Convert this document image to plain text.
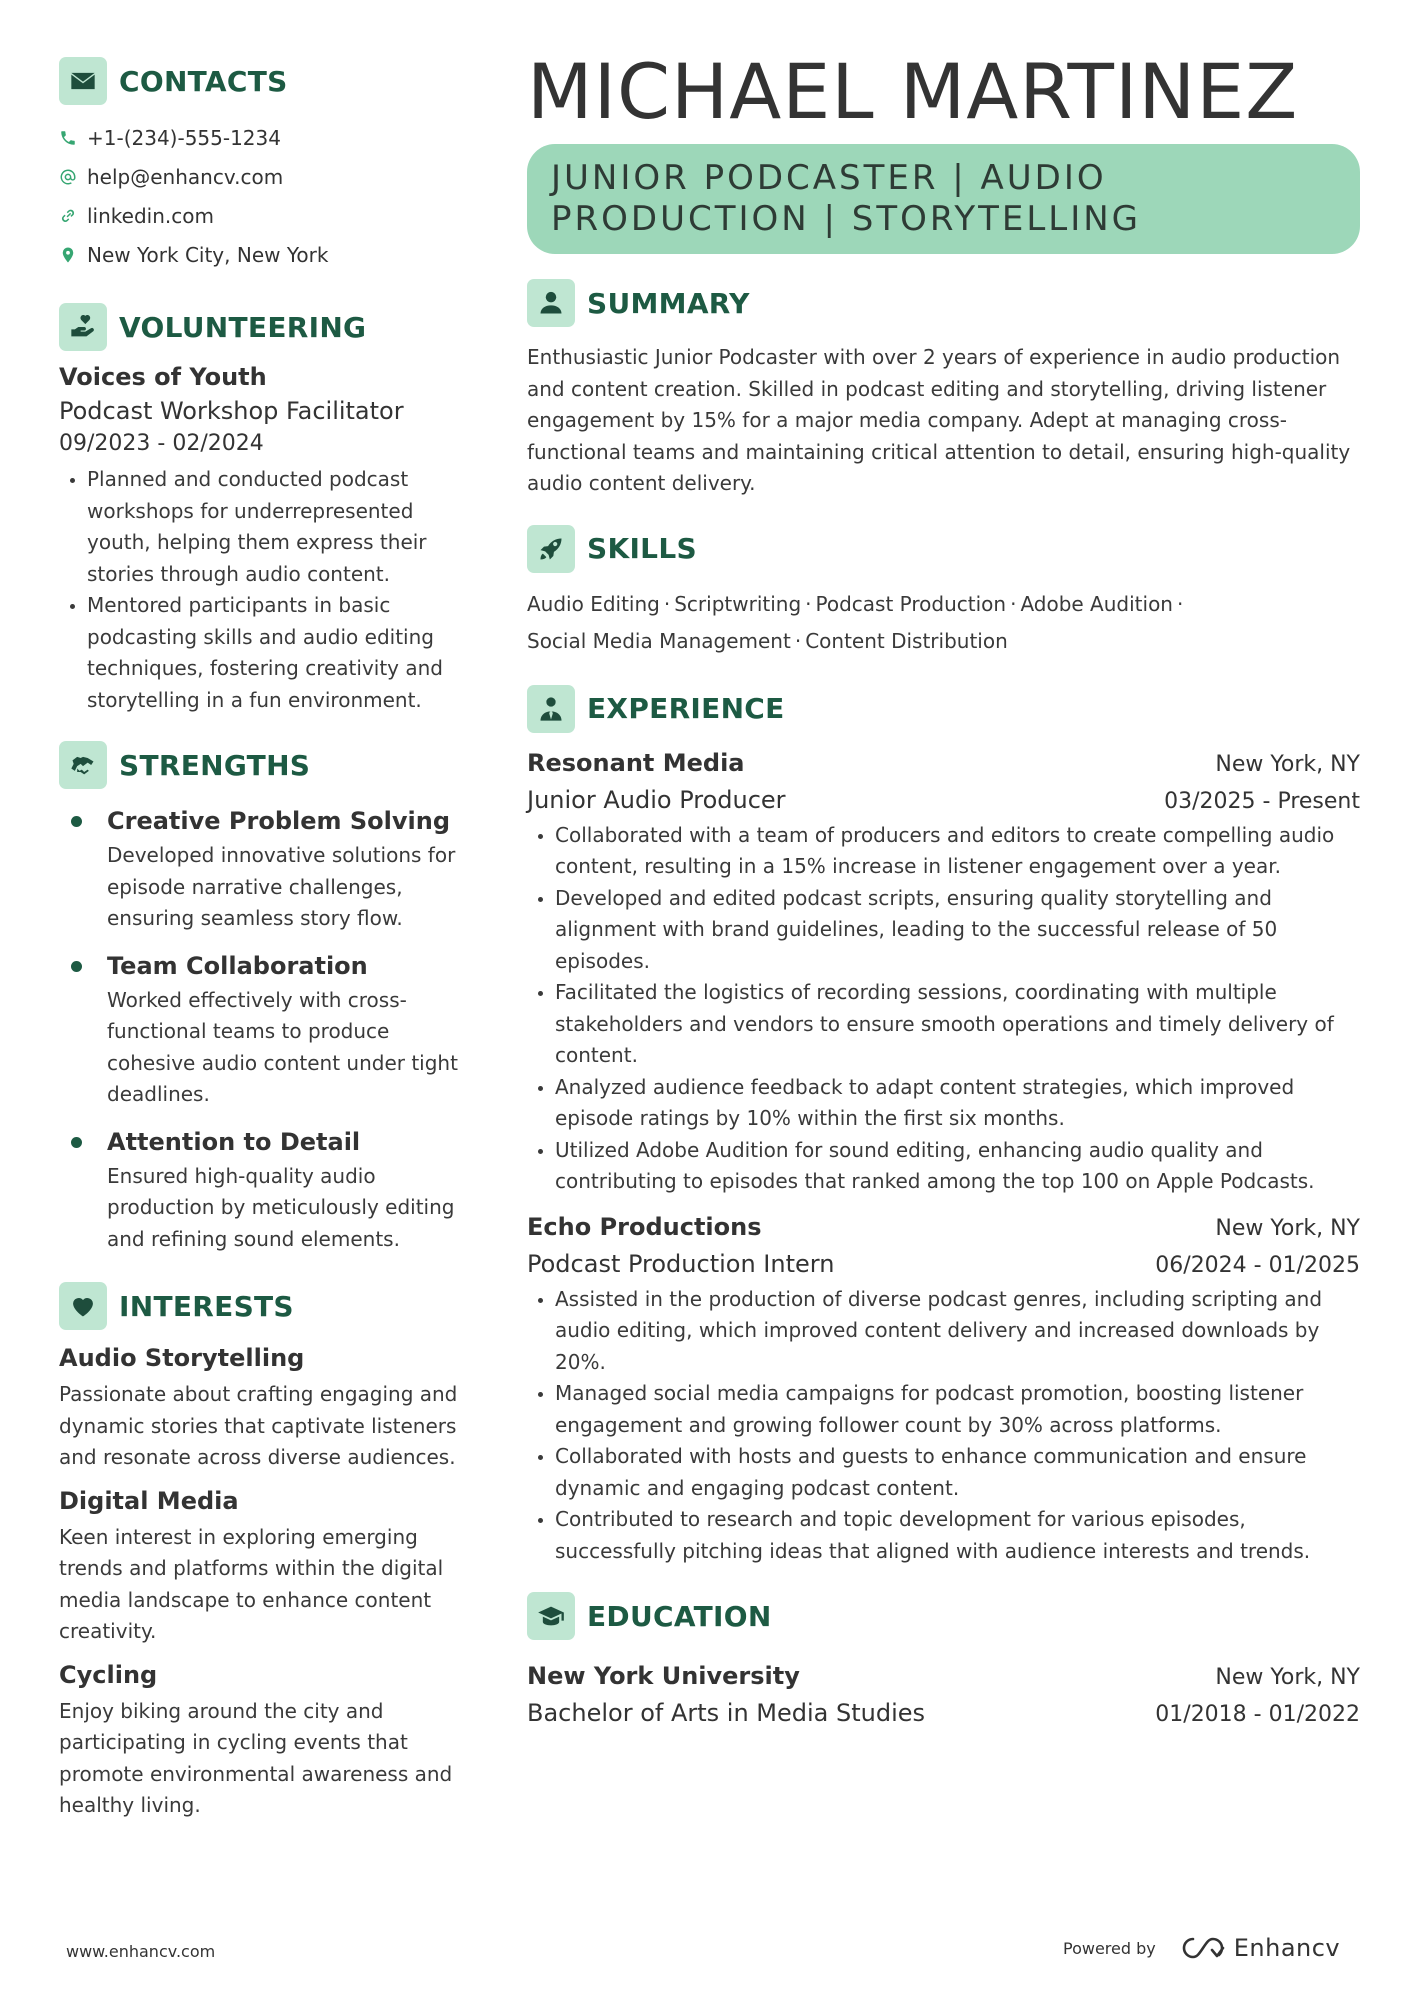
CONTACTS
+1-(234)-555-1234
help@enhancv.com
linkedin.com
New York City, New York
VOLUNTEERING
Voices of Youth
Podcast Workshop Facilitator
09/2023 - 02/2024
• Planned and conducted podcast workshops for underrepresented youth, helping them express their stories through audio content.
• Mentored participants in basic podcasting skills and audio editing techniques, fostering creativity and storytelling in a fun environment.
STRENGTHS
Creative Problem Solving
Developed innovative solutions for episode narrative challenges, ensuring seamless story flow.
Team Collaboration
Worked effectively with cross-functional teams to produce cohesive audio content under tight deadlines.
Attention to Detail
Ensured high-quality audio production by meticulously editing and refining sound elements.
INTERESTS
Audio Storytelling
Passionate about crafting engaging and dynamic stories that captivate listeners and resonate across diverse audiences.
Digital Media
Keen interest in exploring emerging trends and platforms within the digital media landscape to enhance content creativity.
Cycling
Enjoy biking around the city and participating in cycling events that promote environmental awareness and healthy living.
MICHAEL MARTINEZ
JUNIOR PODCASTER | AUDIO
PRODUCTION | STORYTELLING
SUMMARY
Enthusiastic Junior Podcaster with over 2 years of experience in audio production and content creation. Skilled in podcast editing and storytelling, driving listener engagement by 15% for a major media company. Adept at managing cross-functional teams and maintaining critical attention to detail, ensuring high-quality audio content delivery.
SKILLS
Audio Editing · Scriptwriting · Podcast Production · Adobe Audition ·
Social Media Management · Content Distribution
EXPERIENCE
Resonant Media	New York, NY
Junior Audio Producer	03/2025 - Present
• Collaborated with a team of producers and editors to create compelling audio content, resulting in a 15% increase in listener engagement over a year.
• Developed and edited podcast scripts, ensuring quality storytelling and alignment with brand guidelines, leading to the successful release of 50 episodes.
• Facilitated the logistics of recording sessions, coordinating with multiple stakeholders and vendors to ensure smooth operations and timely delivery of content.
• Analyzed audience feedback to adapt content strategies, which improved episode ratings by 10% within the first six months.
• Utilized Adobe Audition for sound editing, enhancing audio quality and contributing to episodes that ranked among the top 100 on Apple Podcasts.
Echo Productions	New York, NY
Podcast Production Intern	06/2024 - 01/2025
• Assisted in the production of diverse podcast genres, including scripting and audio editing, which improved content delivery and increased downloads by 20%.
• Managed social media campaigns for podcast promotion, boosting listener engagement and growing follower count by 30% across platforms.
• Collaborated with hosts and guests to enhance communication and ensure dynamic and engaging podcast content.
• Contributed to research and topic development for various episodes, successfully pitching ideas that aligned with audience interests and trends.
EDUCATION
New York University	New York, NY
Bachelor of Arts in Media Studies	01/2018 - 01/2022
www.enhancv.com	Powered by	Enhancv
